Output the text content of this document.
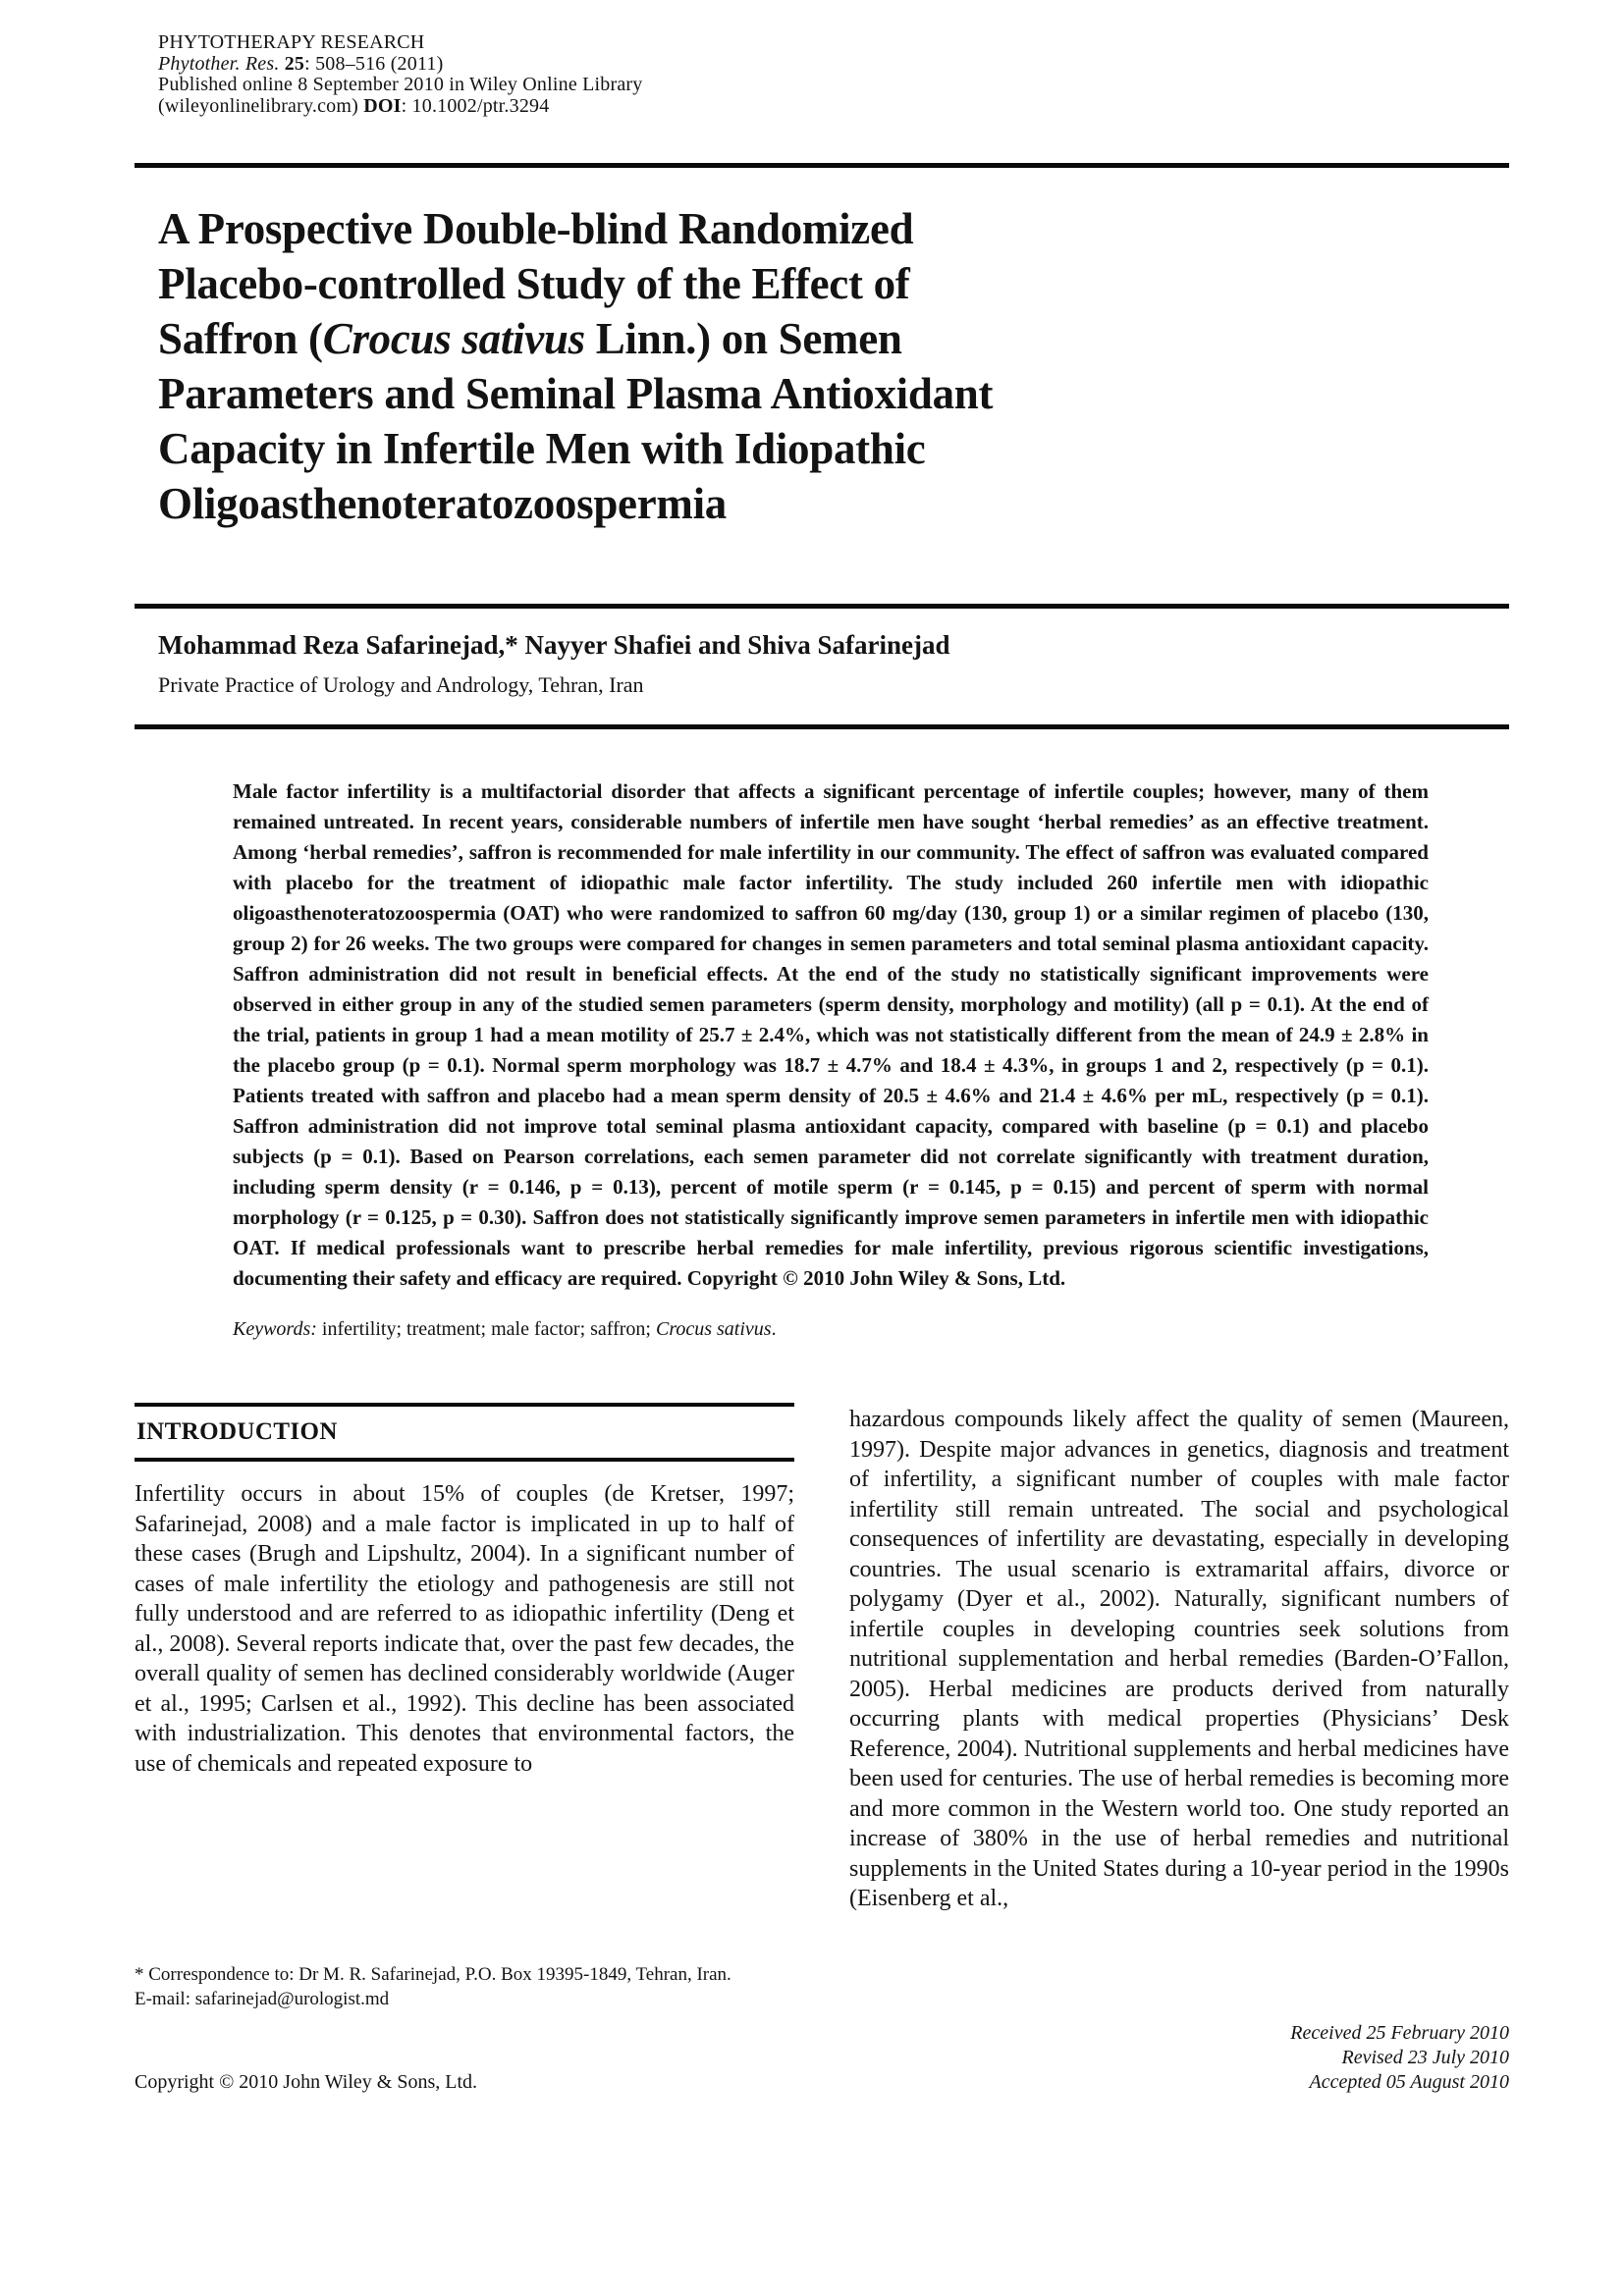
PHYTOTHERAPY RESEARCH
Phytother. Res. 25: 508–516 (2011)
Published online 8 September 2010 in Wiley Online Library
(wileyonlinelibrary.com) DOI: 10.1002/ptr.3294
A Prospective Double-blind Randomized
Placebo-controlled Study of the Effect of
Saffron (Crocus sativus Linn.) on Semen
Parameters and Seminal Plasma Antioxidant
Capacity in Infertile Men with Idiopathic
Oligoasthenoteratozoospermia
Mohammad Reza Safarinejad,* Nayyer Shafiei and Shiva Safarinejad
Private Practice of Urology and Andrology, Tehran, Iran

Male factor infertility is a multifactorial disorder that affects a significant percentage of infertile couples; however, many of them remained untreated. In recent years, considerable numbers of infertile men have sought ‘herbal remedies’ as an effective treatment. Among ‘herbal remedies’, saffron is recommended for male infertility in our community. The effect of saffron was evaluated compared with placebo for the treatment of idiopathic male factor infertility. The study included 260 infertile men with idiopathic oligoasthenoteratozoospermia (OAT) who were randomized to saffron 60 mg/day (130, group 1) or a similar regimen of placebo (130, group 2) for 26 weeks. The two groups were compared for changes in semen parameters and total seminal plasma antioxidant capacity. Saffron administration did not result in beneficial effects. At the end of the study no statistically significant improvements were observed in either group in any of the studied semen parameters (sperm density, morphology and motility) (all p = 0.1). At the end of the trial, patients in group 1 had a mean motility of 25.7 ± 2.4%, which was not statistically different from the mean of 24.9 ± 2.8% in the placebo group (p = 0.1). Normal sperm morphology was 18.7 ± 4.7% and 18.4 ± 4.3%, in groups 1 and 2, respectively (p = 0.1). Patients treated with saffron and placebo had a mean sperm density of 20.5 ± 4.6% and 21.4 ± 4.6% per mL, respectively (p = 0.1). Saffron administration did not improve total seminal plasma antioxidant capacity, compared with baseline (p = 0.1) and placebo subjects (p = 0.1). Based on Pearson correlations, each semen parameter did not correlate significantly with treatment duration, including sperm density (r = 0.146, p = 0.13), percent of motile sperm (r = 0.145, p = 0.15) and percent of sperm with normal morphology (r = 0.125, p = 0.30). Saffron does not statistically significantly improve semen parameters in infertile men with idiopathic OAT. If medical professionals want to prescribe herbal remedies for male infertility, previous rigorous scientific investigations, documenting their safety and efficacy are required. Copyright © 2010 John Wiley & Sons, Ltd.

Keywords: infertility; treatment; male factor; saffron; Crocus sativus.

INTRODUCTION

Infertility occurs in about 15% of couples (de Kretser, 1997; Safarinejad, 2008) and a male factor is implicated in up to half of these cases (Brugh and Lipshultz, 2004). In a significant number of cases of male infertility the etiology and pathogenesis are still not fully understood and are referred to as idiopathic infertility (Deng et al., 2008). Several reports indicate that, over the past few decades, the overall quality of semen has declined considerably worldwide (Auger et al., 1995; Carlsen et al., 1992). This decline has been associated with industrialization. This denotes that environmental factors, the use of chemicals and repeated exposure to

* Correspondence to: Dr M. R. Safarinejad, P.O. Box 19395-1849, Tehran, Iran.
E-mail: safarinejad@urologist.md
Copyright © 2010 John Wiley & Sons, Ltd.

hazardous compounds likely affect the quality of semen (Maureen, 1997). Despite major advances in genetics, diagnosis and treatment of infertility, a significant number of couples with male factor infertility still remain untreated. The social and psychological consequences of infertility are devastating, especially in developing countries. The usual scenario is extramarital affairs, divorce or polygamy (Dyer et al., 2002). Naturally, significant numbers of infertile couples in developing countries seek solutions from nutritional supplementation and herbal remedies (Barden-O’Fallon, 2005). Herbal medicines are products derived from naturally occurring plants with medical properties (Physicians’ Desk Reference, 2004). Nutritional supplements and herbal medicines have been used for centuries. The use of herbal remedies is becoming more and more common in the Western world too. One study reported an increase of 380% in the use of herbal remedies and nutritional supplements in the United States during a 10-year period in the 1990s (Eisenberg et al.,

Received 25 February 2010
Revised 23 July 2010
Accepted 05 August 2010
